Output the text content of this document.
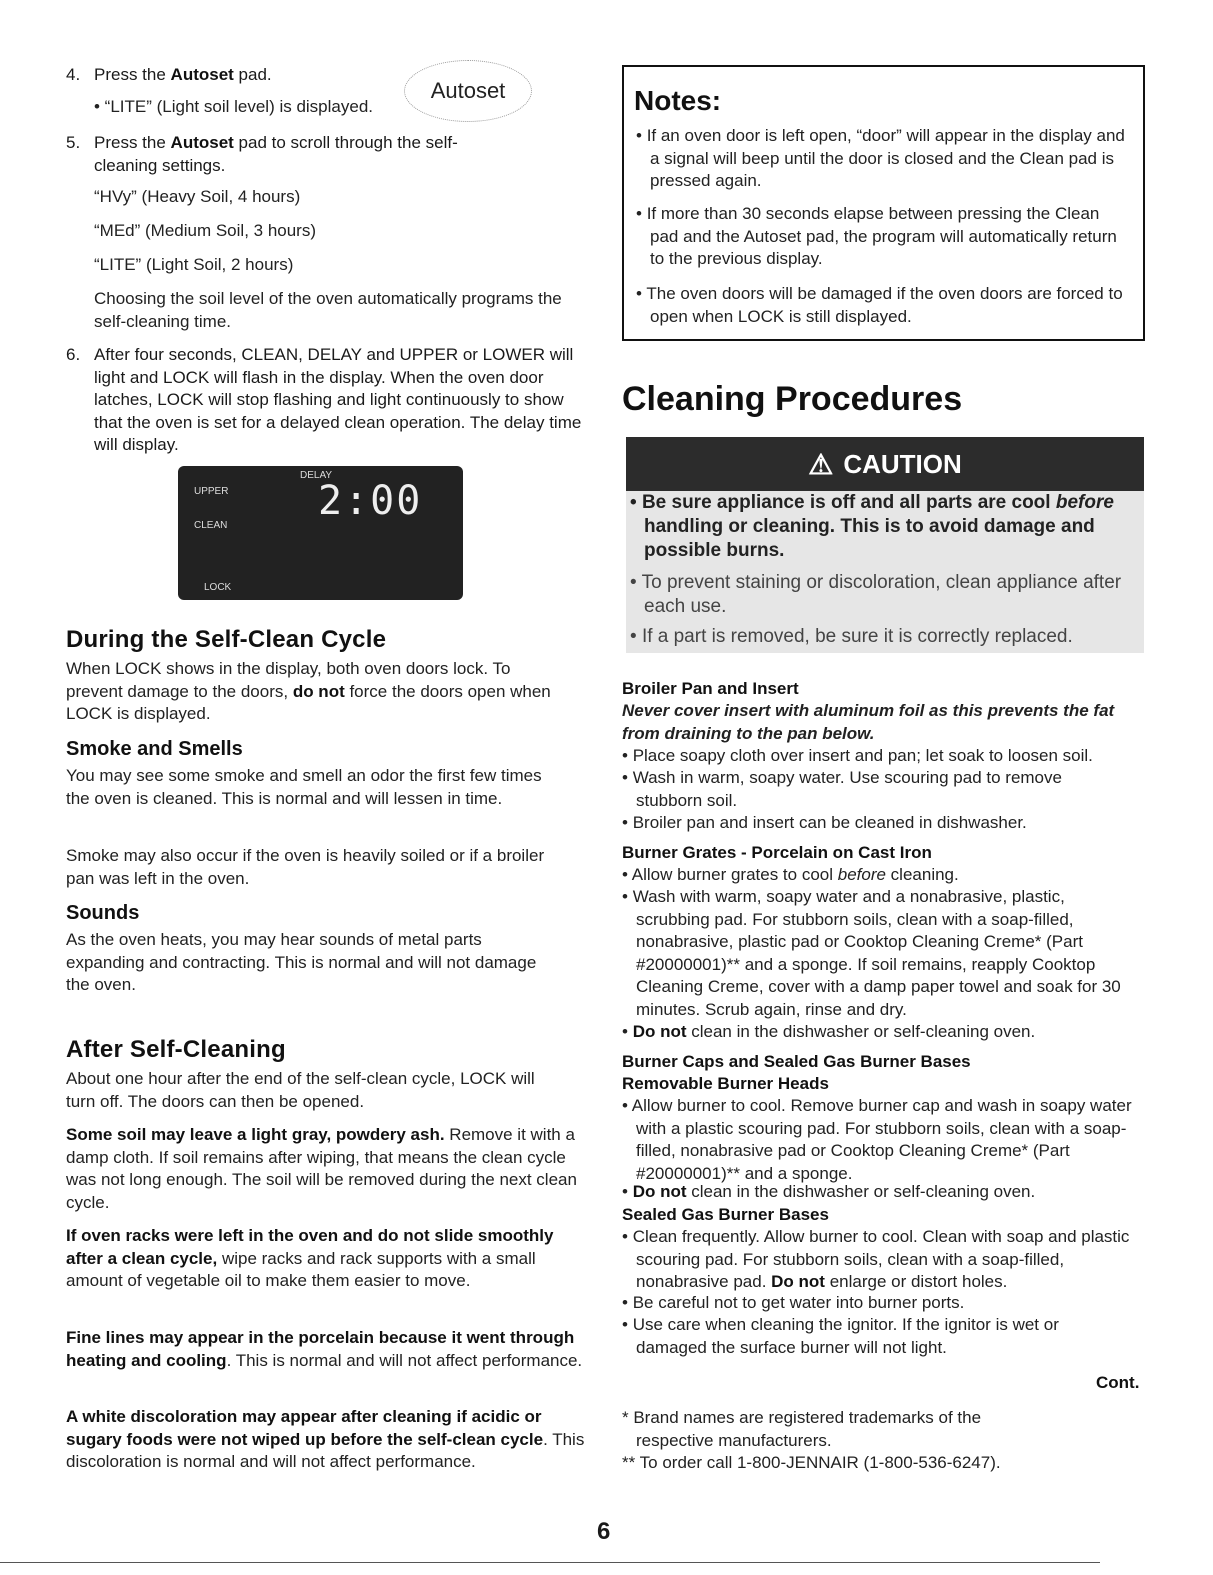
4. Press the Autoset pad.
• “LITE” (Light soil level) is displayed.
Autoset
5. Press the Autoset pad to scroll through the self-cleaning settings.
“HVy” (Heavy Soil, 4 hours)
“MEd” (Medium Soil, 3 hours)
“LITE” (Light Soil, 2 hours)
Choosing the soil level of the oven automatically programs the self-cleaning time.
6. After four seconds, CLEAN, DELAY and UPPER or LOWER will light and LOCK will flash in the display. When the oven door latches, LOCK will stop flashing and light continuously to show that the oven is set for a delayed clean operation. The delay time will display.
DELAY
UPPER
CLEAN
LOCK
2:00
During the Self-Clean Cycle
When LOCK shows in the display, both oven doors lock. To prevent damage to the doors, do not force the doors open when LOCK is displayed.
Smoke and Smells
You may see some smoke and smell an odor the first few times the oven is cleaned. This is normal and will lessen in time.
Smoke may also occur if the oven is heavily soiled or if a broiler pan was left in the oven.
Sounds
As the oven heats, you may hear sounds of metal parts expanding and contracting. This is normal and will not damage the oven.
After Self-Cleaning
About one hour after the end of the self-clean cycle, LOCK will turn off. The doors can then be opened.
Some soil may leave a light gray, powdery ash. Remove it with a damp cloth. If soil remains after wiping, that means the clean cycle was not long enough. The soil will be removed during the next clean cycle.
If oven racks were left in the oven and do not slide smoothly after a clean cycle, wipe racks and rack supports with a small amount of vegetable oil to make them easier to move.
Fine lines may appear in the porcelain because it went through heating and cooling. This is normal and will not affect performance.
A white discoloration may appear after cleaning if acidic or sugary foods were not wiped up before the self-clean cycle. This discoloration is normal and will not affect performance.
Notes:
• If an oven door is left open, “door” will appear in the display and a signal will beep until the door is closed and the Clean pad is pressed again.
• If more than 30 seconds elapse between pressing the Clean pad and the Autoset pad, the program will automatically return to the previous display.
• The oven doors will be damaged if the oven doors are forced to open when LOCK is still displayed.
Cleaning Procedures
⚠ CAUTION
• Be sure appliance is off and all parts are cool before handling or cleaning. This is to avoid damage and possible burns.
• To prevent staining or discoloration, clean appliance after each use.
• If a part is removed, be sure it is correctly replaced.
Broiler Pan and Insert
Never cover insert with aluminum foil as this prevents the fat from draining to the pan below.
• Place soapy cloth over insert and pan; let soak to loosen soil.
• Wash in warm, soapy water. Use scouring pad to remove stubborn soil.
• Broiler pan and insert can be cleaned in dishwasher.
Burner Grates - Porcelain on Cast Iron
• Allow burner grates to cool before cleaning.
• Wash with warm, soapy water and a nonabrasive, plastic, scrubbing pad. For stubborn soils, clean with a soap-filled, nonabrasive, plastic pad or Cooktop Cleaning Creme* (Part #20000001)** and a sponge. If soil remains, reapply Cooktop Cleaning Creme, cover with a damp paper towel and soak for 30 minutes. Scrub again, rinse and dry.
• Do not clean in the dishwasher or self-cleaning oven.
Burner Caps and Sealed Gas Burner Bases
Removable Burner Heads
• Allow burner to cool. Remove burner cap and wash in soapy water with a plastic scouring pad. For stubborn soils, clean with a soap-filled, nonabrasive pad or Cooktop Cleaning Creme* (Part #20000001)** and a sponge.
• Do not clean in the dishwasher or self-cleaning oven.
Sealed Gas Burner Bases
• Clean frequently. Allow burner to cool. Clean with soap and plastic scouring pad. For stubborn soils, clean with a soap-filled, nonabrasive pad. Do not enlarge or distort holes.
• Be careful not to get water into burner ports.
• Use care when cleaning the ignitor. If the ignitor is wet or damaged the surface burner will not light.
Cont.
* Brand names are registered trademarks of the respective manufacturers.
** To order call 1-800-JENNAIR (1-800-536-6247).
6
